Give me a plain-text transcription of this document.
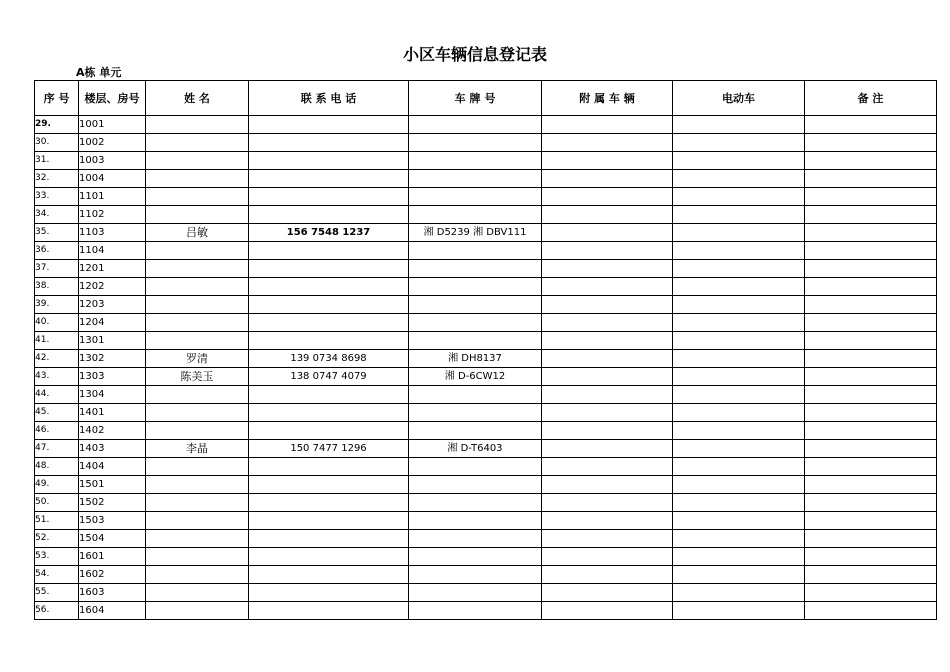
小区车辆信息登记表
A栋 单元
序 号	楼层、房号	姓 名	联 系 电 话	车 牌 号	附 属 车 辆	电动车	备 注
29.	1001						
30.	1002						
31.	1003						
32.	1004						
33.	1101						
34.	1102						
35.	1103	吕敏	156 7548 1237	湘 D5239 湘 DBV111			
36.	1104						
37.	1201						
38.	1202						
39.	1203						
40.	1204						
41.	1301						
42.	1302	罗清	139 0734 8698	湘 DH8137			
43.	1303	陈美玉	138 0747 4079	湘 D-6CW12			
44.	1304						
45.	1401						
46.	1402						
47.	1403	李晶	150 7477 1296	湘 D-T6403			
48.	1404						
49.	1501						
50.	1502						
51.	1503						
52.	1504						
53.	1601						
54.	1602						
55.	1603						
56.	1604						
